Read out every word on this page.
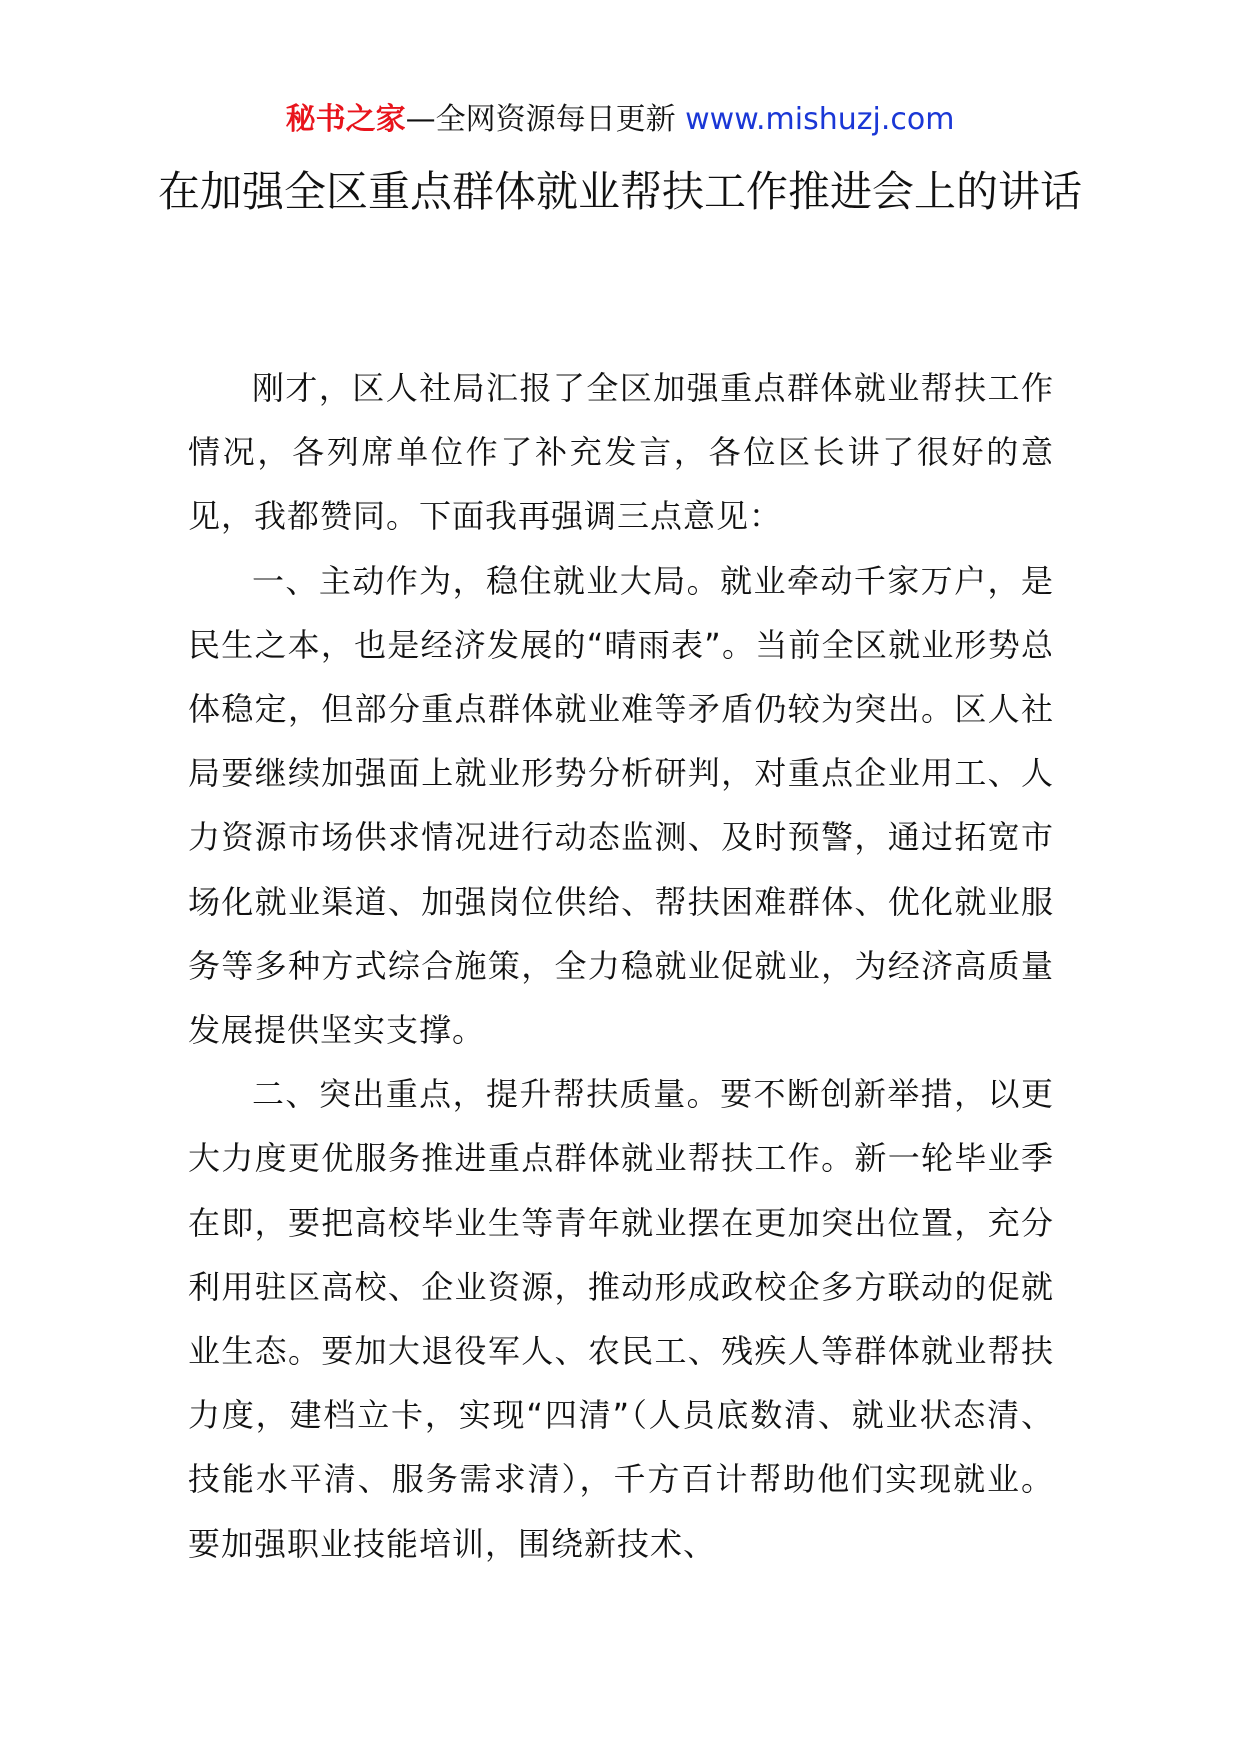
秘书之家—全网资源每日更新 www.mishuzj.com
在加强全区重点群体就业帮扶工作推进会上的讲话

刚才，区人社局汇报了全区加强重点群体就业帮扶工作情况，各列席单位作了补充发言，各位区长讲了很好的意见，我都赞同。下面我再强调三点意见：

一、主动作为，稳住就业大局。就业牵动千家万户，是民生之本，也是经济发展的“晴雨表”。当前全区就业形势总体稳定，但部分重点群体就业难等矛盾仍较为突出。区人社局要继续加强面上就业形势分析研判，对重点企业用工、人力资源市场供求情况进行动态监测、及时预警，通过拓宽市场化就业渠道、加强岗位供给、帮扶困难群体、优化就业服务等多种方式综合施策，全力稳就业促就业，为经济高质量发展提供坚实支撑。

二、突出重点，提升帮扶质量。要不断创新举措，以更大力度更优服务推进重点群体就业帮扶工作。新一轮毕业季在即，要把高校毕业生等青年就业摆在更加突出位置，充分利用驻区高校、企业资源，推动形成政校企多方联动的促就业生态。要加大退役军人、农民工、残疾人等群体就业帮扶力度，建档立卡，实现“四清”（人员底数清、就业状态清、技能水平清、服务需求清），千方百计帮助他们实现就业。要加强职业技能培训，围绕新技术、
